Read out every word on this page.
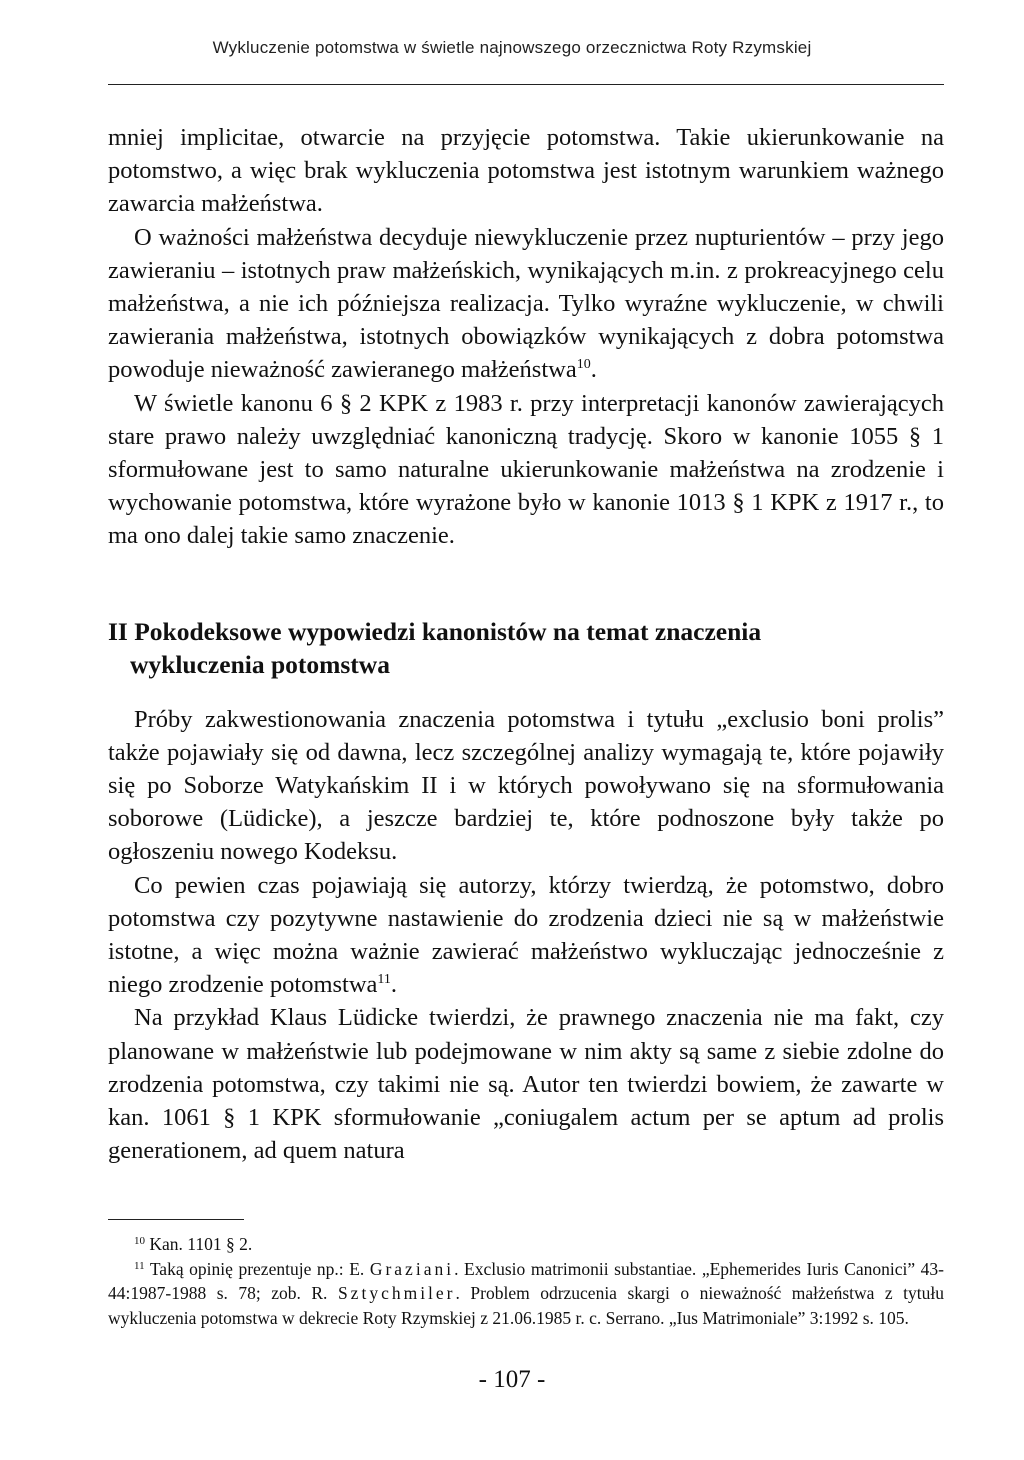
Wykluczenie potomstwa w świetle najnowszego orzecznictwa Roty Rzymskiej

mniej implicitae, otwarcie na przyjęcie potomstwa. Takie ukierunkowanie na potomstwo, a więc brak wykluczenia potomstwa jest istotnym warunkiem ważnego zawarcia małżeństwa.

O ważności małżeństwa decyduje niewykluczenie przez nupturientów – przy jego zawieraniu – istotnych praw małżeńskich, wynikających m.in. z prokreacyjnego celu małżeństwa, a nie ich późniejsza realizacja. Tylko wyraźne wykluczenie, w chwili zawierania małżeństwa, istotnych obowiązków wynikających z dobra potomstwa powoduje nieważność zawieranego małżeństwa$^{10}$.

W świetle kanonu 6 § 2 KPK z 1983 r. przy interpretacji kanonów zawierających stare prawo należy uwzględniać kanoniczną tradycję. Skoro w kanonie 1055 § 1 sformułowane jest to samo naturalne ukierunkowanie małżeństwa na zrodzenie i wychowanie potomstwa, które wyrażone było w kanonie 1013 § 1 KPK z 1917 r., to ma ono dalej takie samo znaczenie.

II Pokodeksowe wypowiedzi kanonistów na temat znaczenia
wykluczenia potomstwa

Próby zakwestionowania znaczenia potomstwa i tytułu „exclusio boni prolis” także pojawiały się od dawna, lecz szczególnej analizy wymagają te, które pojawiły się po Soborze Watykańskim II i w których powoływano się na sformułowania soborowe (Lüdicke), a jeszcze bardziej te, które podnoszone były także po ogłoszeniu nowego Kodeksu.

Co pewien czas pojawiają się autorzy, którzy twierdzą, że potomstwo, dobro potomstwa czy pozytywne nastawienie do zrodzenia dzieci nie są w małżeństwie istotne, a więc można ważnie zawierać małżeństwo wykluczając jednocześnie z niego zrodzenie potomstwa$^{11}$.

Na przykład Klaus Lüdicke twierdzi, że prawnego znaczenia nie ma fakt, czy planowane w małżeństwie lub podejmowane w nim akty są same z siebie zdolne do zrodzenia potomstwa, czy takimi nie są. Autor ten twierdzi bowiem, że zawarte w kan. 1061 § 1 KPK sformułowanie „coniugalem actum per se aptum ad prolis generationem, ad quem natura

$^{10}$ Kan. 1101 § 2.

$^{11}$ Taką opinię prezentuje np.: E. Graziani. Exclusio matrimonii substantiae. „Ephemerides Iuris Canonici” 43-44:1987-1988 s. 78; zob. R. Sztychmiler. Problem odrzucenia skargi o nieważność małżeństwa z tytułu wykluczenia potomstwa w dekrecie Roty Rzymskiej z 21.06.1985 r. c. Serrano. „Ius Matrimoniale” 3:1992 s. 105.

- 107 -
